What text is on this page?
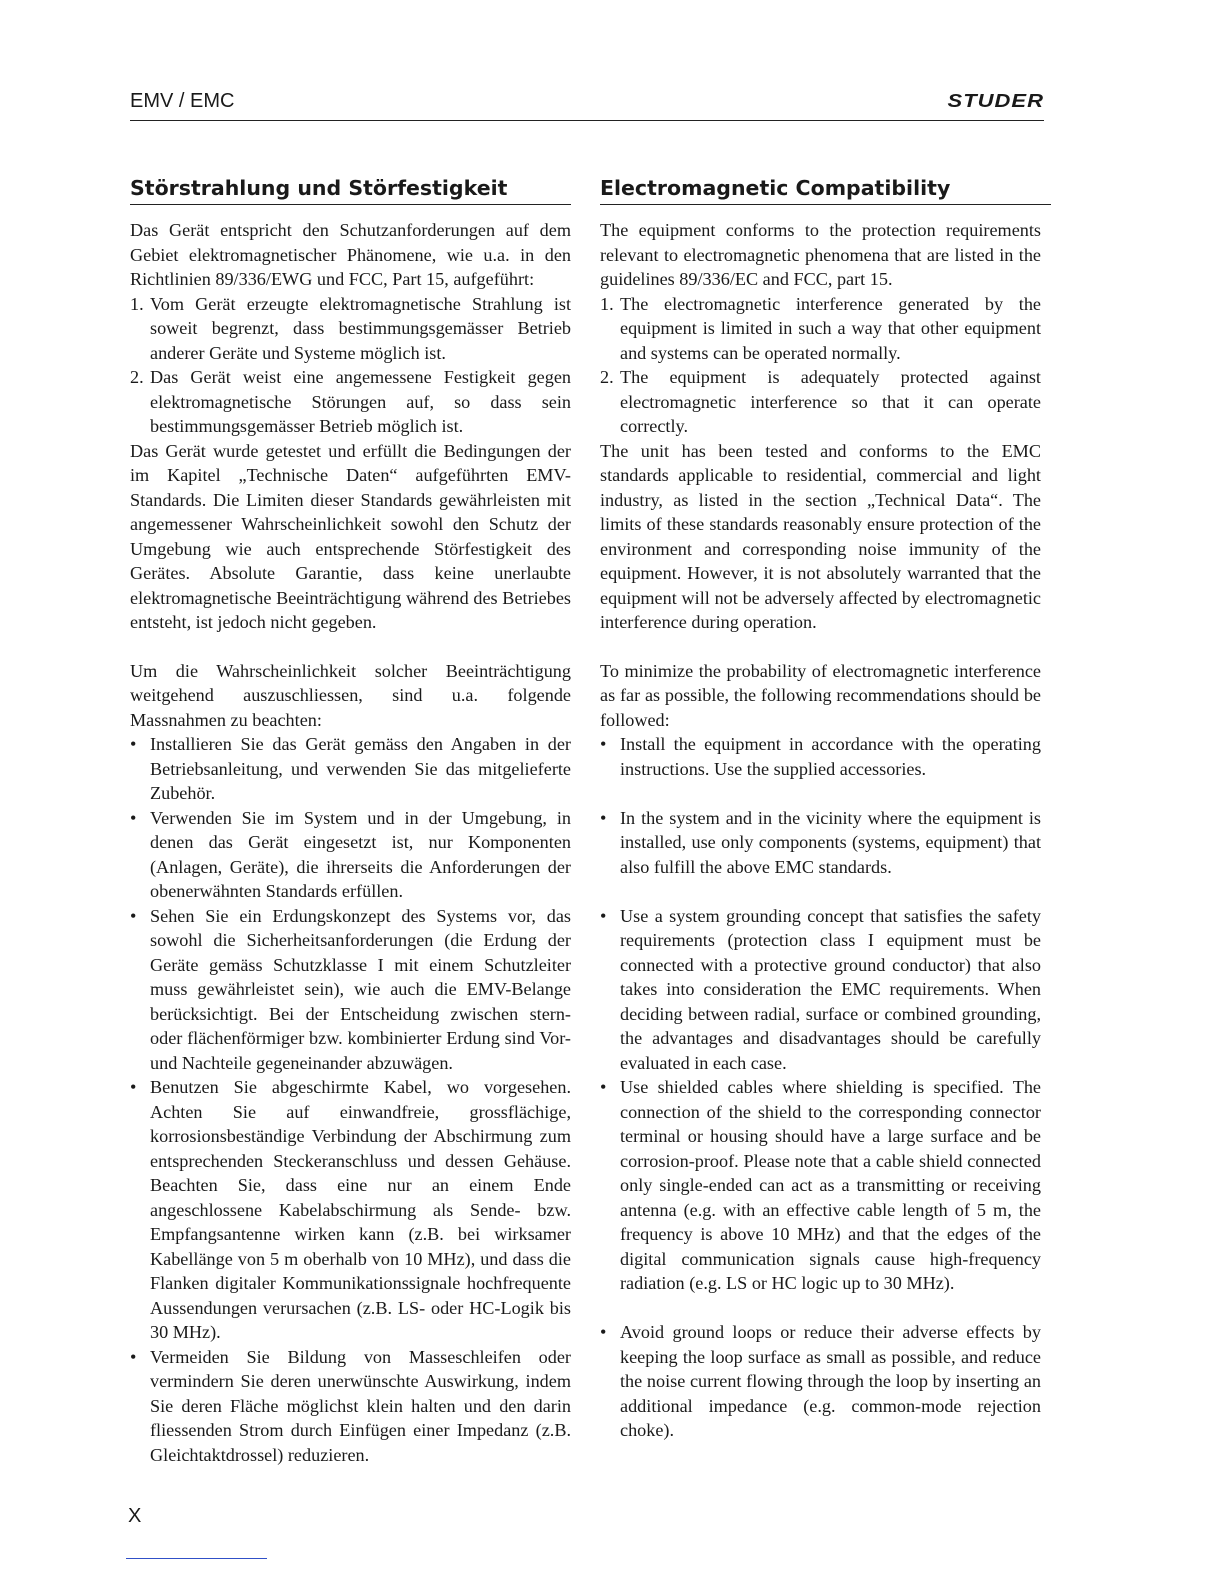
EMV / EMC	STUDER
Störstrahlung und Störfestigkeit

Das Gerät entspricht den Schutzanforderungen auf dem Gebiet elektromagnetischer Phänomene, wie u.a. in den Richtlinien 89/336/EWG und FCC, Part 15, aufgeführt:

1. Vom Gerät erzeugte elektromagnetische Strahlung ist soweit begrenzt, dass bestimmungsgemässer Betrieb anderer Geräte und Systeme möglich ist.
2. Das Gerät weist eine angemessene Festigkeit gegen elektromagnetische Störungen auf, so dass sein bestimmungsgemässer Betrieb möglich ist.

Das Gerät wurde getestet und erfüllt die Bedingungen der im Kapitel „Technische Daten“ aufgeführten EMV-Standards. Die Limiten dieser Standards gewährleisten mit angemessener Wahrscheinlichkeit sowohl den Schutz der Umgebung wie auch entsprechende Störfestigkeit des Gerätes. Absolute Garantie, dass keine unerlaubte elektromagnetische Beeinträchtigung während des Betriebes entsteht, ist jedoch nicht gegeben.

Um die Wahrscheinlichkeit solcher Beeinträchtigung weitgehend auszuschliessen, sind u.a. folgende Massnahmen zu beachten:

• Installieren Sie das Gerät gemäss den Angaben in der Betriebsanleitung, und verwenden Sie das mitgelieferte Zubehör.
• Verwenden Sie im System und in der Umgebung, in denen das Gerät eingesetzt ist, nur Komponenten (Anlagen, Geräte), die ihrerseits die Anforderungen der obenerwähnten Standards erfüllen.
• Sehen Sie ein Erdungskonzept des Systems vor, das sowohl die Sicherheitsanforderungen (die Erdung der Geräte gemäss Schutzklasse I mit einem Schutzleiter muss gewährleistet sein), wie auch die EMV-Belange berücksichtigt. Bei der Entscheidung zwischen stern- oder flächenförmiger bzw. kombinierter Erdung sind Vor- und Nachteile gegeneinander abzuwägen.
• Benutzen Sie abgeschirmte Kabel, wo vorgesehen. Achten Sie auf einwandfreie, grossflächige, korrosionsbeständige Verbindung der Abschirmung zum entsprechenden Steckeranschluss und dessen Gehäuse. Beachten Sie, dass eine nur an einem Ende angeschlossene Kabelabschirmung als Sende- bzw. Empfangsantenne wirken kann (z.B. bei wirksamer Kabellänge von 5 m oberhalb von 10 MHz), und dass die Flanken digitaler Kommunikationssignale hochfrequente Aussendungen verursachen (z.B. LS- oder HC-Logik bis 30 MHz).
• Vermeiden Sie Bildung von Masseschleifen oder vermindern Sie deren unerwünschte Auswirkung, indem Sie deren Fläche möglichst klein halten und den darin fliessenden Strom durch Einfügen einer Impedanz (z.B. Gleichtaktdrossel) reduzieren.
Electromagnetic Compatibility

The equipment conforms to the protection requirements relevant to electromagnetic phenomena that are listed in the guidelines 89/336/EC and FCC, part 15.

1. The electromagnetic interference generated by the equipment is limited in such a way that other equipment and systems can be operated normally.
2. The equipment is adequately protected against electromagnetic interference so that it can operate correctly.

The unit has been tested and conforms to the EMC standards applicable to residential, commercial and light industry, as listed in the section „Technical Data“. The limits of these standards reasonably ensure protection of the environment and corresponding noise immunity of the equipment. However, it is not absolutely warranted that the equipment will not be adversely affected by electromagnetic interference during operation.

To minimize the probability of electromagnetic interference as far as possible, the following recommendations should be followed:

• Install the equipment in accordance with the operating instructions. Use the supplied accessories.
• In the system and in the vicinity where the equipment is installed, use only components (systems, equipment) that also fulfill the above EMC standards.
• Use a system grounding concept that satisfies the safety requirements (protection class I equipment must be connected with a protective ground conductor) that also takes into consideration the EMC requirements. When deciding between radial, surface or combined grounding, the advantages and disadvantages should be carefully evaluated in each case.
• Use shielded cables where shielding is specified. The connection of the shield to the corresponding connector terminal or housing should have a large surface and be corrosion-proof. Please note that a cable shield connected only single-ended can act as a transmitting or receiving antenna (e.g. with an effective cable length of 5 m, the frequency is above 10 MHz) and that the edges of the digital communication signals cause high-frequency radiation (e.g. LS or HC logic up to 30 MHz).
• Avoid ground loops or reduce their adverse effects by keeping the loop surface as small as possible, and reduce the noise current flowing through the loop by inserting an additional impedance (e.g. common-mode rejection choke).
X
